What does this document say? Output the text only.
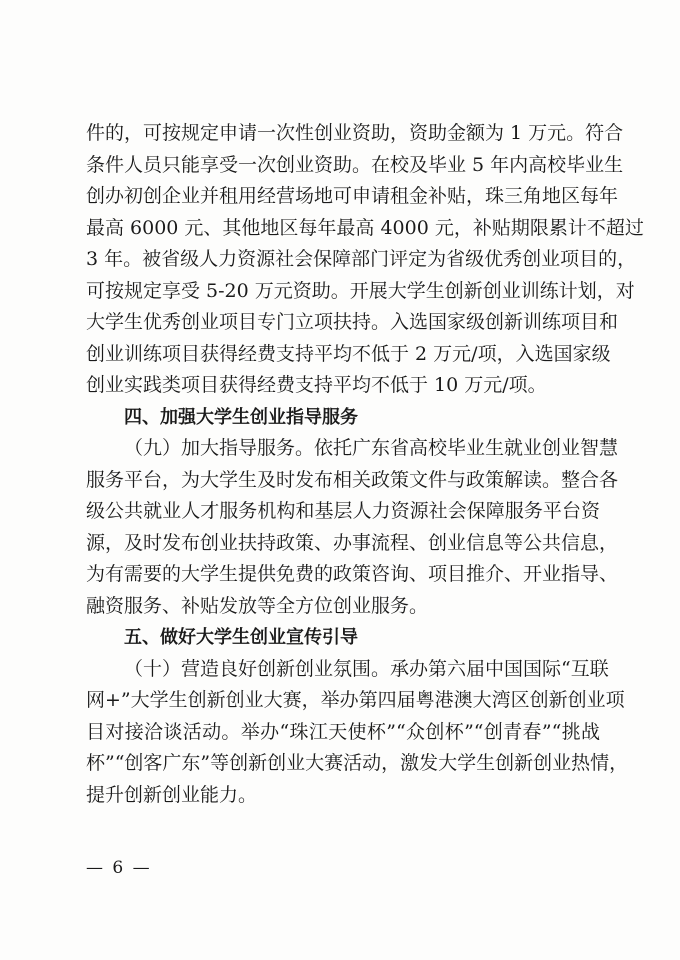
件的，可按规定申请一次性创业资助，资助金额为 1 万元。符合
条件人员只能享受一次创业资助。在校及毕业 5 年内高校毕业生
创办初创企业并租用经营场地可申请租金补贴，珠三角地区每年
最高 6000 元、其他地区每年最高 4000 元，补贴期限累计不超过
3 年。被省级人力资源社会保障部门评定为省级优秀创业项目的，
可按规定享受 5-20 万元资助。开展大学生创新创业训练计划，对
大学生优秀创业项目专门立项扶持。入选国家级创新训练项目和
创业训练项目获得经费支持平均不低于 2 万元/项，入选国家级
创业实践类项目获得经费支持平均不低于 10 万元/项。
四、加强大学生创业指导服务
（九）加大指导服务。依托广东省高校毕业生就业创业智慧
服务平台，为大学生及时发布相关政策文件与政策解读。整合各
级公共就业人才服务机构和基层人力资源社会保障服务平台资
源，及时发布创业扶持政策、办事流程、创业信息等公共信息，
为有需要的大学生提供免费的政策咨询、项目推介、开业指导、
融资服务、补贴发放等全方位创业服务。
五、做好大学生创业宣传引导
（十）营造良好创新创业氛围。承办第六届中国国际“互联
网+”大学生创新创业大赛，举办第四届粤港澳大湾区创新创业项
目对接洽谈活动。举办“珠江天使杯”“众创杯”“创青春”“挑战
杯”“创客广东”等创新创业大赛活动，激发大学生创新创业热情，
提升创新创业能力。
— 6 —
